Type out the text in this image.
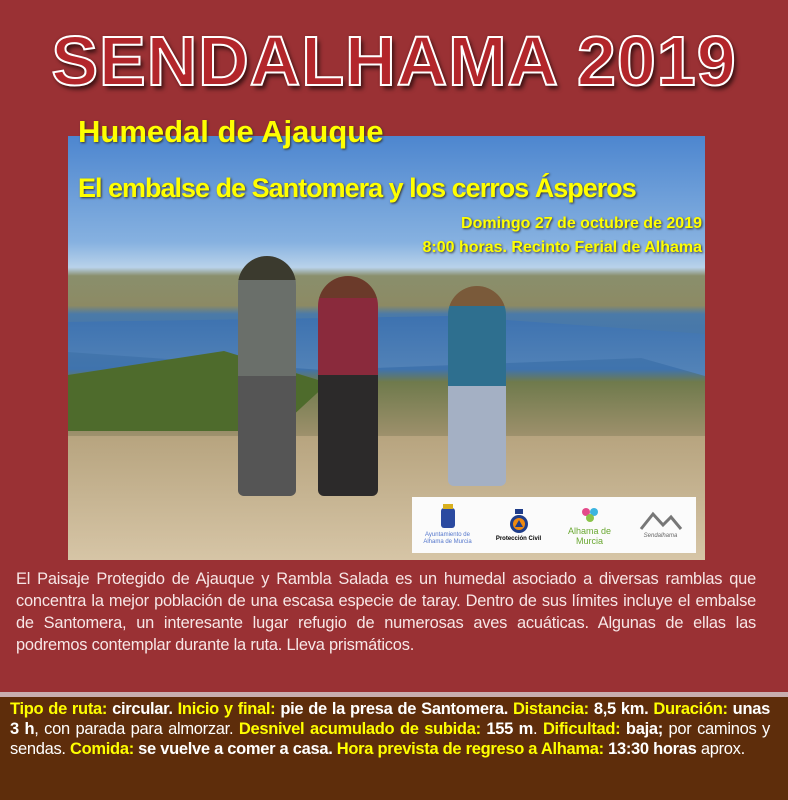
SENDALHAMA 2019
Humedal de Ajauque
El embalse de Santomera y los cerros Ásperos
Domingo 27 de octubre de 2019
8:00 horas. Recinto Ferial de Alhama
Ayuntamiento de Alhama de Murcia
Protección Civil
Alhama de Murcia
Sendalhama
El Paisaje Protegido de Ajauque y Rambla Salada es un humedal asociado a diversas ramblas que concentra la mejor población de una escasa especie de taray. Dentro de sus límites incluye el embalse de Santomera, un interesante lugar refugio de numerosas aves acuáticas. Algunas de ellas las podremos contemplar durante la ruta. Lleva prismáticos.

Tipo de ruta: circular. Inicio y final: pie de la presa de Santomera. Distancia: 8,5 km. Duración: unas 3 h, con parada para almorzar. Desnivel acumulado de subida: 155 m. Dificultad: baja; por caminos y sendas. Comida: se vuelve a comer a casa. Hora prevista de regreso a Alhama: 13:30 horas aprox.
